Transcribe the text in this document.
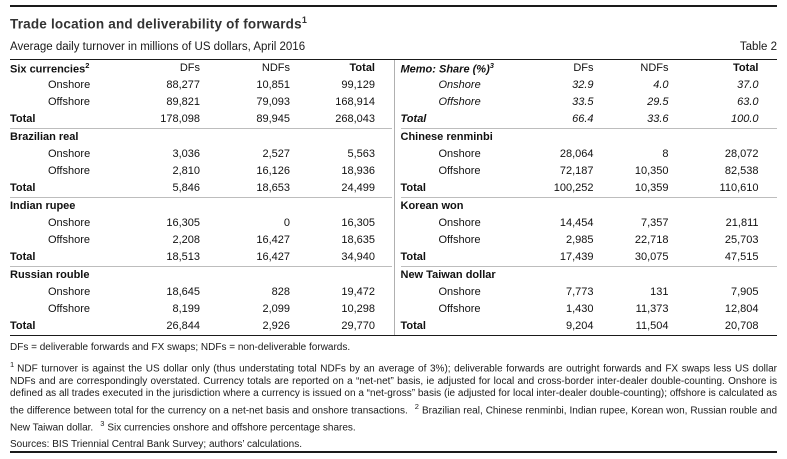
Trade location and deliverability of forwards$^1$
Average daily turnover in millions of US dollars, April 2016	Table 2
Six currencies$^2$	DFs	NDFs	Total
Onshore	88,277	10,851	99,129
Offshore	89,821	79,093	168,914
Total	178,098	89,945	268,043
Brazilian real
Onshore	3,036	2,527	5,563
Offshore	2,810	16,126	18,936
Total	5,846	18,653	24,499
Indian rupee
Onshore	16,305	0	16,305
Offshore	2,208	16,427	18,635
Total	18,513	16,427	34,940
Russian rouble
Onshore	18,645	828	19,472
Offshore	8,199	2,099	10,298
Total	26,844	2,926	29,770
Memo: Share (%)$^3$	DFs	NDFs	Total
Onshore	32.9	4.0	37.0
Offshore	33.5	29.5	63.0
Total	66.4	33.6	100.0
Chinese renminbi
Onshore	28,064	8	28,072
Offshore	72,187	10,350	82,538
Total	100,252	10,359	110,610
Korean won
Onshore	14,454	7,357	21,811
Offshore	2,985	22,718	25,703
Total	17,439	30,075	47,515
New Taiwan dollar
Onshore	7,773	131	7,905
Offshore	1,430	11,373	12,804
Total	9,204	11,504	20,708

DFs = deliverable forwards and FX swaps; NDFs = non-deliverable forwards.

$^1$ NDF turnover is against the US dollar only (thus understating total NDFs by an average of 3%); deliverable forwards are outright forwards and FX swaps less US dollar NDFs and are correspondingly overstated. Currency totals are reported on a “net-net” basis, ie adjusted for local and cross-border inter-dealer double-counting. Onshore is defined as all trades executed in the jurisdiction where a currency is issued on a “net-gross” basis (ie adjusted for local inter-dealer double-counting); offshore is calculated as the difference between total for the currency on a net-net basis and onshore transactions. $^2$ Brazilian real, Chinese renminbi, Indian rupee, Korean won, Russian rouble and New Taiwan dollar. $^3$ Six currencies onshore and offshore percentage shares.

Sources: BIS Triennial Central Bank Survey; authors’ calculations.
